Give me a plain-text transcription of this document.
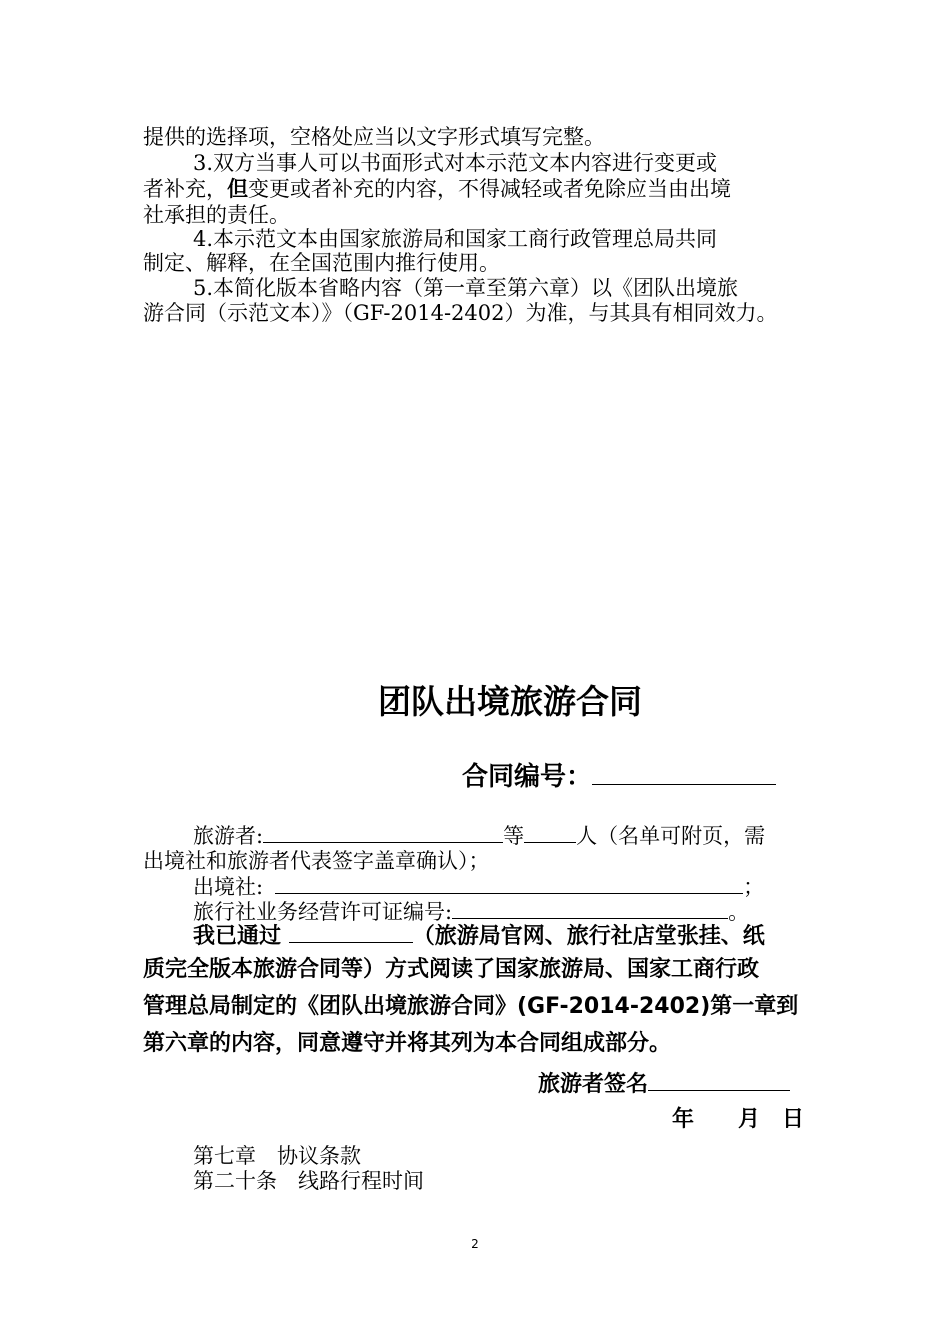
提供的选择项，空格处应当以文字形式填写完整。
3.双方当事人可以书面形式对本示范文本内容进行变更或
者补充，但变更或者补充的内容，不得减轻或者免除应当由出境
社承担的责任。
4.本示范文本由国家旅游局和国家工商行政管理总局共同
制定、解释，在全国范围内推行使用。
5.本简化版本省略内容（第一章至第六章）以《团队出境旅
游合同（示范文本）》（GF-2014-2402）为准，与其具有相同效力。
团队出境旅游合同
合同编号：
旅游者:	等 人（名单可附页，需
出境社和旅游者代表签字盖章确认）；
出境社:	；
旅行社业务经营许可证编号:	。
我已通过	（旅游局官网、旅行社店堂张挂、纸
质完全版本旅游合同等）方式阅读了国家旅游局、国家工商行政
管理总局制定的《团队出境旅游合同》(GF-2014-2402)第一章到
第六章的内容，同意遵守并将其列为本合同组成部分。
旅游者签名
年　　月　日
第七章　协议条款
第二十条　线路行程时间
2
